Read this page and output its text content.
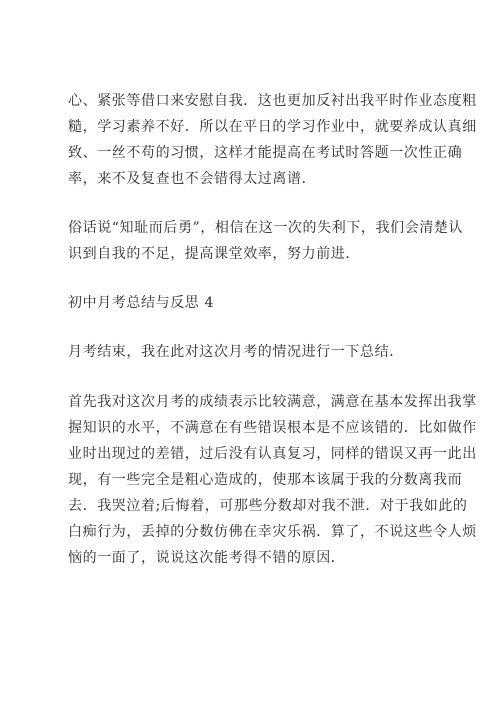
心、紧张等借口来安慰自我．这也更加反衬出我平时作业态度粗
糙，学习素养不好．所以在平日的学习作业中，就要养成认真细
致、一丝不苟的习惯，这样才能提高在考试时答题一次性正确
率，来不及复查也不会错得太过离谱．
俗话说“知耻而后勇”，相信在这一次的失利下，我们会清楚认
识到自我的不足，提高课堂效率，努力前进．
初中月考总结与反思 4
月考结束，我在此对这次月考的情况进行一下总结．
首先我对这次月考的成绩表示比较满意，满意在基本发挥出我掌
握知识的水平，不满意在有些错误根本是不应该错的．比如做作
业时出现过的差错，过后没有认真复习，同样的错误又再一此出
现，有一些完全是粗心造成的，使那本该属于我的分数离我而
去．我哭泣着;后悔着，可那些分数却对我不泄．对于我如此的
白痴行为，丢掉的分数仿佛在幸灾乐祸．算了，不说这些令人烦
恼的一面了，说说这次能考得不错的原因．
